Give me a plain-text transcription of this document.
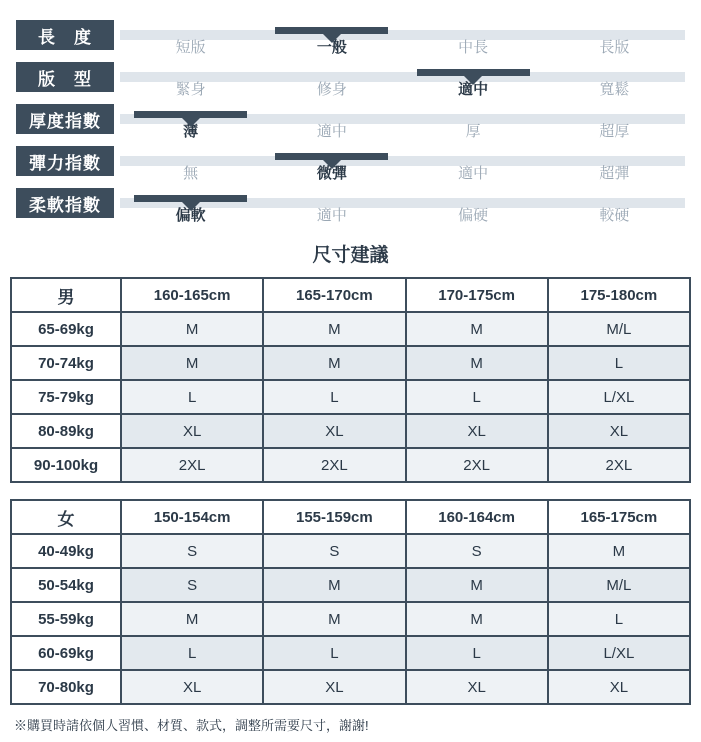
長　度
短版	一般	中長	長版
版　型
緊身	修身	適中	寬鬆
厚度指數
薄	適中	厚	超厚
彈力指數
無	微彈	適中	超彈
柔軟指數
偏軟	適中	偏硬	較硬
尺寸建議
男	160-165cm	165-170cm	170-175cm	175-180cm
65-69kg	M	M	M	M/L
70-74kg	M	M	M	L
75-79kg	L	L	L	L/XL
80-89kg	XL	XL	XL	XL
90-100kg	2XL	2XL	2XL	2XL
女	150-154cm	155-159cm	160-164cm	165-175cm
40-49kg	S	S	S	M
50-54kg	S	M	M	M/L
55-59kg	M	M	M	L
60-69kg	L	L	L	L/XL
70-80kg	XL	XL	XL	XL
※購買時請依個人習慣、材質、款式，調整所需要尺寸，謝謝!
